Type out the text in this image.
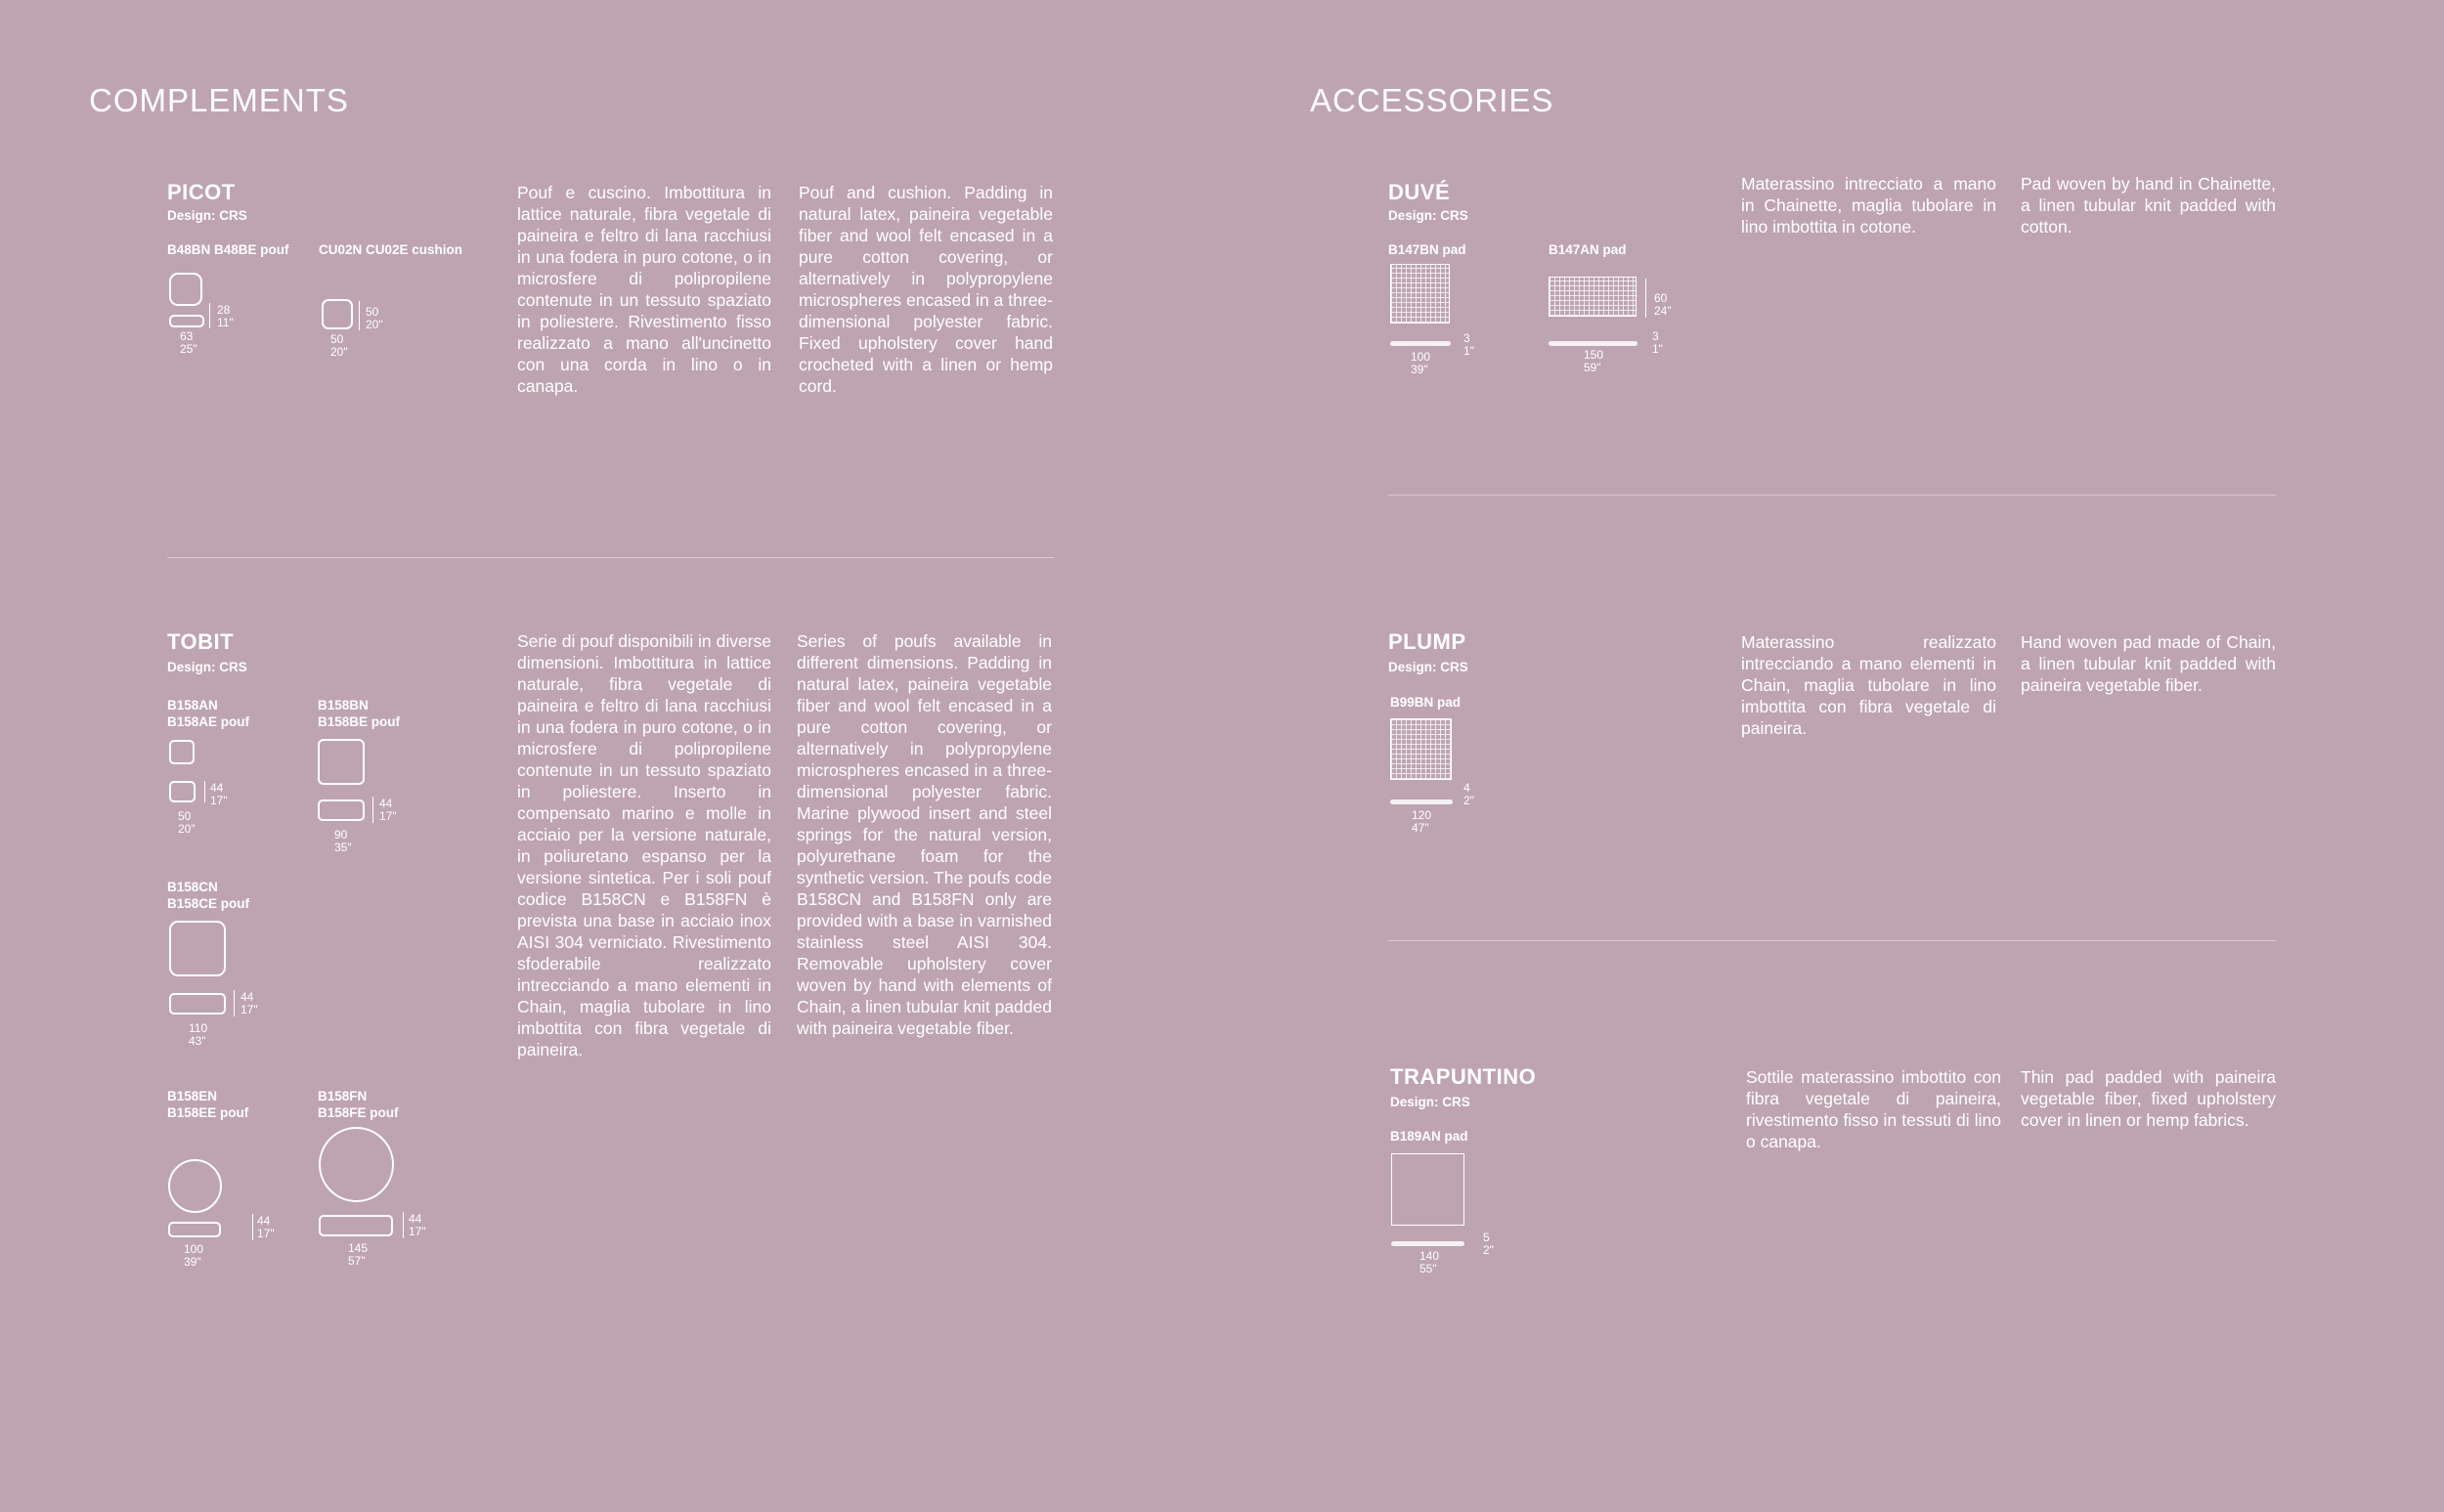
COMPLEMENTS
PICOT
Design: CRS
B48BN B48BE pouf CU02N CU02E cushion
28
11"
63
25"
50
20"
50
20"
Pouf e cuscino. Imbottitura in lattice naturale, fibra vegetale di paineira e feltro di lana racchiusi in una fodera in puro cotone, o in microsfere di polipropilene contenute in un tessuto spaziato in poliestere. Rivestimento fisso realizzato a mano all'uncinetto con una corda in lino o in canapa.
Pouf and cushion. Padding in natural latex, paineira vegetable fiber and wool felt encased in a pure cotton covering, or alternatively in polypropylene microspheres encased in a three-dimensional polyester fabric. Fixed upholstery cover hand crocheted with a linen or hemp cord.
TOBIT
Design: CRS
B158AN
B158AE pouf
B158BN
B158BE pouf
44
17"
50
20"
44
17"
90
35"
B158CN
B158CE pouf
44
17"
110
43"
B158EN
B158EE pouf
B158FN
B158FE pouf
44
17"
100
39"
44
17"
145
57"
Serie di pouf disponibili in diverse dimensioni. Imbottitura in lattice naturale, fibra vegetale di paineira e feltro di lana racchiusi in una fodera in puro cotone, o in microsfere di polipropilene contenute in un tessuto spaziato in poliestere. Inserto in compensato marino e molle in acciaio per la versione naturale, in poliuretano espanso per la versione sintetica. Per i soli pouf codice B158CN e B158FN è prevista una base in acciaio inox AISI 304 verniciato. Rivestimento sfoderabile realizzato intrecciando a mano elementi in Chain, maglia tubolare in lino imbottita con fibra vegetale di paineira.
Series of poufs available in different dimensions. Padding in natural latex, paineira vegetable fiber and wool felt encased in a pure cotton covering, or alternatively in polypropylene microspheres encased in a three-dimensional polyester fabric. Marine plywood insert and steel springs for the natural version, polyurethane foam for the synthetic version. The poufs code B158CN and B158FN only are provided with a base in varnished stainless steel AISI 304. Removable upholstery cover woven by hand with elements of Chain, a linen tubular knit padded with paineira vegetable fiber.
ACCESSORIES
DUVÉ
Design: CRS
B147BN pad	B147AN pad
3
1"
100
39"
60
24"
3
1"
150
59"
Materassino intrecciato a mano in Chainette, maglia tubolare in lino imbottita in cotone.
Pad woven by hand in Chainette, a linen tubular knit padded with cotton.
PLUMP
Design: CRS
B99BN pad
4
2"
120
47"
Materassino realizzato intrecciando a mano elementi in Chain, maglia tubolare in lino imbottita con fibra vegetale di paineira.
Hand woven pad made of Chain, a linen tubular knit padded with paineira vegetable fiber.
TRAPUNTINO
Design: CRS
B189AN pad
5
2"
140
55"
Sottile materassino imbottito con fibra vegetale di paineira, rivestimento fisso in tessuti di lino o canapa.
Thin pad padded with paineira vegetable fiber, fixed upholstery cover in linen or hemp fabrics.
